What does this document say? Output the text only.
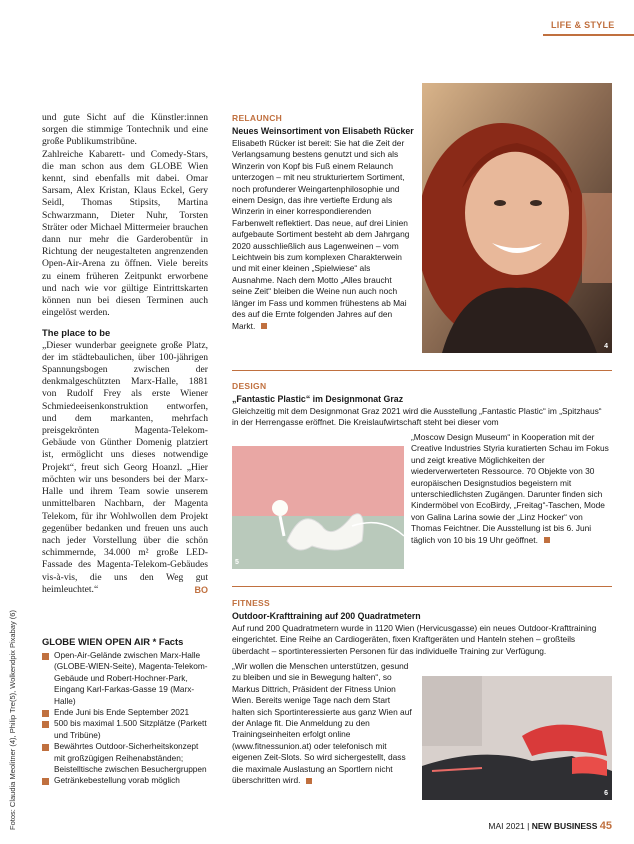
LIFE & STYLE
Fotos: Claudia Meolitner (4), Philip Tre(5), Wolkendpix Pixabay (6)

und gute Sicht auf die Künstler:innen sorgen die stimmige Tontechnik und eine große Publikumstribüne.

Zahlreiche Kabarett- und Comedy-Stars, die man schon aus dem GLOBE Wien kennt, sind ebenfalls mit dabei. Omar Sarsam, Alex Kristan, Klaus Eckel, Gery Seidl, Thomas Stipsits, Martina Schwarzmann, Dieter Nuhr, Torsten Sträter oder Michael Mittermeier brauchen dann nur mehr die Garderobentür in Richtung der neugestalteten angrenzenden Open-Air-Arena zu öffnen. Viele bereits zu einem früheren Zeitpunkt erworbene und nach wie vor gültige Eintrittskarten können nun bei diesen Terminen auch eingelöst werden.

The place to be

„Dieser wunderbar geeignete große Platz, der im städtebaulichen, über 100-jährigen Spannungsbogen zwischen der denkmalgeschützten Marx-Halle, 1881 von Rudolf Frey als erste Wiener Schmiedeeisenkonstruktion entworfen, und dem markanten, mehrfach preisgekrönten Magenta-Telekom-Gebäude von Günther Domenig platziert ist, ermöglicht uns dieses notwendige Projekt“, freut sich Georg Hoanzl. „Hier möchten wir uns besonders bei der Marx-Halle und ihrem Team sowie unserem unmittelbaren Nachbarn, der Magenta Telekom, für ihr Wohlwollen dem Projekt gegenüber bedanken und freuen uns auch nach jeder Vorstellung über die schön schimmernde, 34.000 m² große LED-Fassade des Magenta-Telekom-Gebäudes vis-à-vis, die uns den Weg gut heimleuchtet.“	BO

GLOBE WIEN OPEN AIR * Facts
Open-Air-Gelände zwischen Marx-Halle (GLOBE-WIEN-Seite), Magenta-Telekom-Gebäude und Robert-Hochner-Park, Eingang Karl-Farkas-Gasse 19 (Marx-Halle)
Ende Juni bis Ende September 2021
500 bis maximal 1.500 Sitzplätze (Parkett und Tribüne)
Bewährtes Outdoor-Sicherheitskonzept mit großzügigen Reihenabständen; Beistelltische zwischen Besuchergruppen
Getränkebestellung vorab möglich
RELAUNCH
Neues Weinsortiment von Elisabeth Rücker
Elisabeth Rücker ist bereit: Sie hat die Zeit der Verlangsamung bestens genutzt und sich als Winzerin von Kopf bis Fuß einem Relaunch unterzogen – mit neu strukturiertem Sortiment, noch profunderer Weingartenphilosophie und einem Design, das ihre vertiefte Erdung als Winzerin in einer korrespondierenden Farbenwelt reflektiert. Das neue, auf drei Linien aufgebaute Sortiment besteht ab dem Jahrgang 2020 ausschließlich aus Lagenweinen – vom Leichtwein bis zum komplexen Charakterwein und mit einer kleinen „Spielwiese“ als Ausnahme. Nach dem Motto „Alles braucht seine Zeit“ bleiben die Weine nun auch noch länger im Fass und kommen frühestens ab Mai des auf die Ernte folgenden Jahres auf den Markt.
4
DESIGN
„Fantastic Plastic“ im Designmonat Graz
Gleichzeitig mit dem Designmonat Graz 2021 wird die Ausstellung „Fantastic Plastic“ im „Spitzhaus“ in der Herrengasse eröffnet. Die Kreislaufwirtschaft steht bei dieser vom
5
„Moscow Design Museum“ in Kooperation mit der Creative Industries Styria kuratierten Schau im Fokus und zeigt kreative Möglichkeiten der wiederverwerteten Ressource. 70 Objekte von 30 europäischen Designstudios begeistern mit unterschiedlichsten Zugängen. Darunter finden sich Kindermöbel von EcoBirdy, „Freitag“-Taschen, Mode von Galina Larina sowie der „Linz Hocker“ von Thomas Feichtner. Die Ausstellung ist bis 6. Juni täglich von 10 bis 19 Uhr geöffnet.
FITNESS
Outdoor-Krafttraining auf 200 Quadratmetern
Auf rund 200 Quadratmetern wurde in 1120 Wien (Hervicusgasse) ein neues Outdoor-Krafttraining eingerichtet. Eine Reihe an Cardiogeräten, fixen Kraftgeräten und Hanteln stehen – großteils überdacht – sportinteressierten Personen für das individuelle Training zur Verfügung.
„Wir wollen die Menschen unterstützen, gesund zu bleiben und sie in Bewegung halten“, so Markus Dittrich, Präsident der Fitness Union Wien. Bereits wenige Tage nach dem Start halten sich Sportinteressierte aus ganz Wien auf der Anlage fit. Die Anmeldung zu den Trainingseinheiten erfolgt online (www.fitnessunion.at) oder telefonisch mit eigenen Zeit-Slots. So wird sichergestellt, dass die maximale Auslastung an Sportlern nicht überschritten wird.
6
MAI 2021 | NEW BUSINESS 45
